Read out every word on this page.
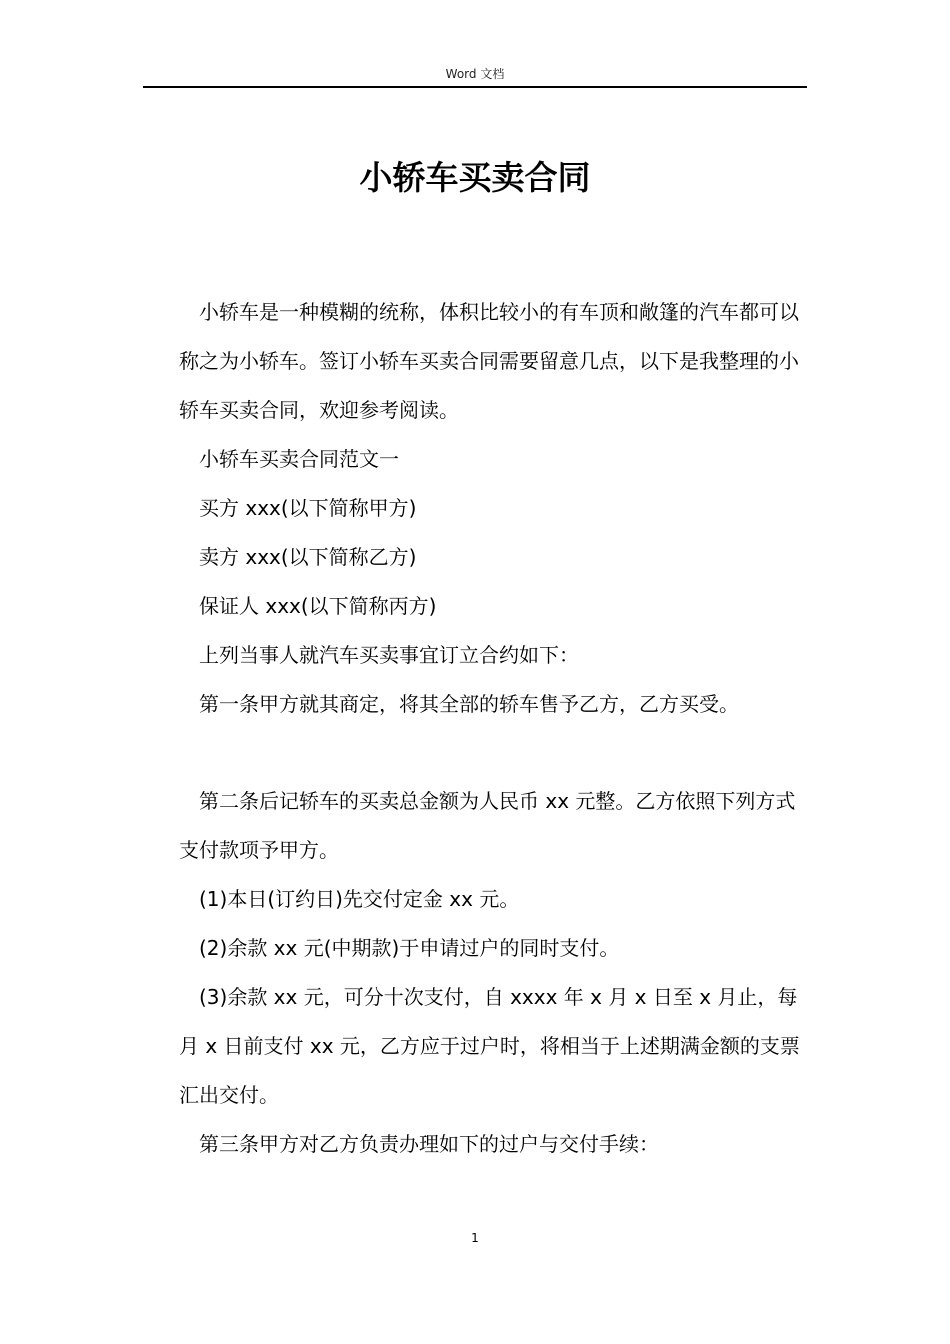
Word 文档
小轿车买卖合同

小轿车是一种模糊的统称，体积比较小的有车顶和敞篷的汽车都可以称之为小轿车。签订小轿车买卖合同需要留意几点，以下是我整理的小轿车买卖合同，欢迎参考阅读。

小轿车买卖合同范文一

买方 xxx(以下简称甲方)

卖方 xxx(以下简称乙方)

保证人 xxx(以下简称丙方)

上列当事人就汽车买卖事宜订立合约如下：

第一条甲方就其商定，将其全部的轿车售予乙方，乙方买受。

第二条后记轿车的买卖总金额为人民币 xx 元整。乙方依照下列方式支付款项予甲方。

(1)本日(订约日)先交付定金 xx 元。

(2)余款 xx 元(中期款)于申请过户的同时支付。

(3)余款 xx 元，可分十次支付，自 xxxx 年 x 月 x 日至 x 月止，每月 x 日前支付 xx 元，乙方应于过户时，将相当于上述期满金额的支票汇出交付。

第三条甲方对乙方负责办理如下的过户与交付手续：

1
